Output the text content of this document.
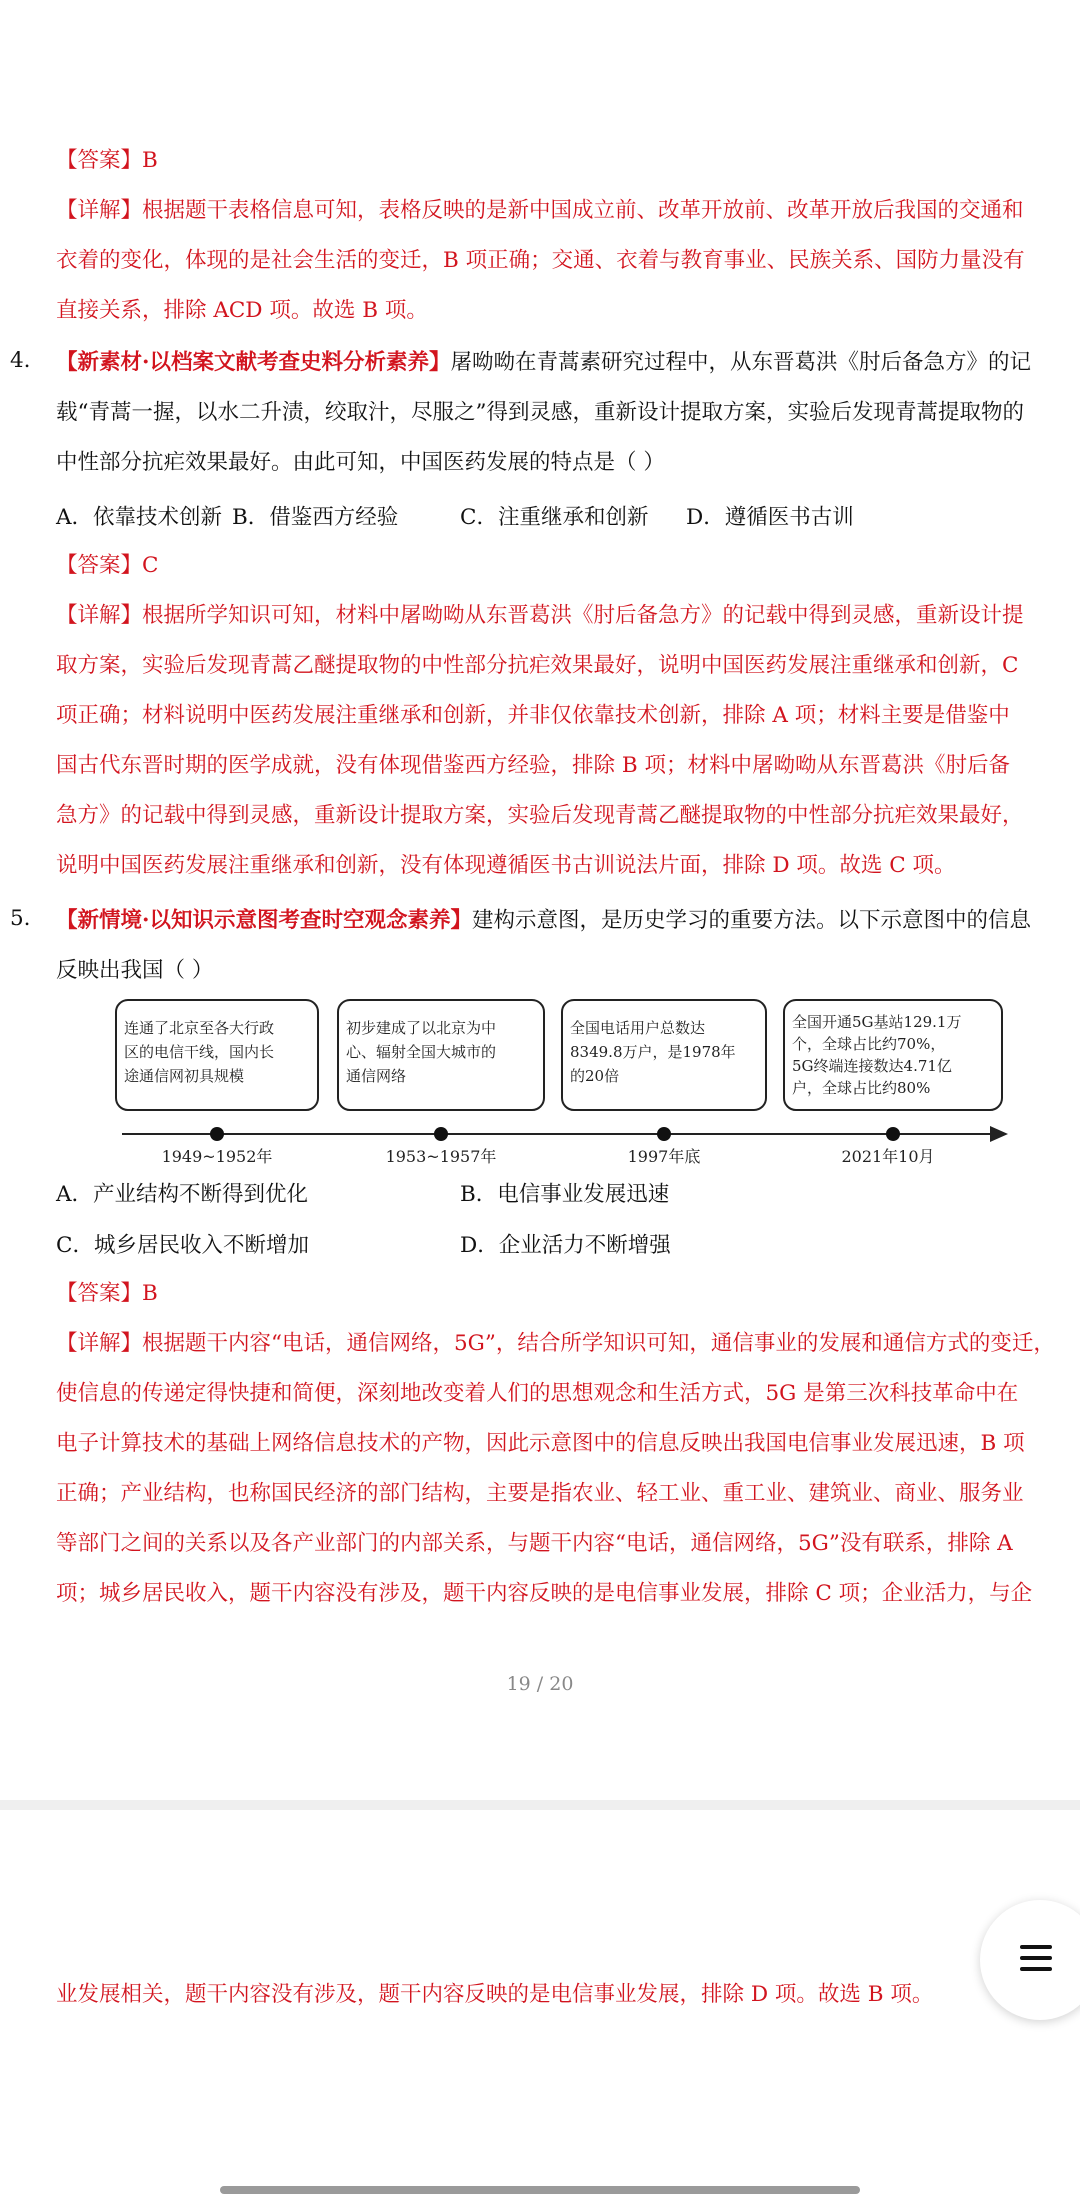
【答案】B
【详解】根据题干表格信息可知，表格反映的是新中国成立前、改革开放前、改革开放后我国的交通和
衣着的变化，体现的是社会生活的变迁，B 项正确；交通、衣着与教育事业、民族关系、国防力量没有
直接关系，排除 ACD 项。故选 B 项。
4. 【新素材·以档案文献考查史料分析素养】屠呦呦在青蒿素研究过程中，从东晋葛洪《肘后备急方》的记
载“青蒿一握，以水二升渍，绞取汁，尽服之”得到灵感，重新设计提取方案，实验后发现青蒿提取物的
中性部分抗疟效果最好。由此可知，中国医药发展的特点是（ ）
A．依靠技术创新 B．借鉴西方经验	C．注重继承和创新 D．遵循医书古训
【答案】C
【详解】根据所学知识可知，材料中屠呦呦从东晋葛洪《肘后备急方》的记载中得到灵感，重新设计提
取方案，实验后发现青蒿乙醚提取物的中性部分抗疟效果最好，说明中国医药发展注重继承和创新，C
项正确；材料说明中医药发展注重继承和创新，并非仅依靠技术创新，排除 A 项；材料主要是借鉴中
国古代东晋时期的医学成就，没有体现借鉴西方经验，排除 B 项；材料中屠呦呦从东晋葛洪《肘后备
急方》的记载中得到灵感，重新设计提取方案，实验后发现青蒿乙醚提取物的中性部分抗疟效果最好，
说明中国医药发展注重继承和创新，没有体现遵循医书古训说法片面，排除 D 项。故选 C 项。
5. 【新情境·以知识示意图考查时空观念素养】建构示意图，是历史学习的重要方法。以下示意图中的信息
反映出我国（ ）
连通了北京至各大行政
区的电信干线，国内长
途通信网初具规模
初步建成了以北京为中
心、辐射全国大城市的
通信网络
全国电话用户总数达
8349.8万户，是1978年
的20倍
全国开通5G基站129.1万
个，全球占比约70%，
5G终端连接数达4.71亿
户，全球占比约80%
1949~1952年	1953~1957年	1997年底	2021年10月
A．产业结构不断得到优化	B．电信事业发展迅速
C．城乡居民收入不断增加	D．企业活力不断增强
【答案】B
【详解】根据题干内容“电话，通信网络，5G”，结合所学知识可知，通信事业的发展和通信方式的变迁，
使信息的传递定得快捷和简便，深刻地改变着人们的思想观念和生活方式，5G 是第三次科技革命中在
电子计算技术的基础上网络信息技术的产物，因此示意图中的信息反映出我国电信事业发展迅速，B 项
正确；产业结构，也称国民经济的部门结构，主要是指农业、轻工业、重工业、建筑业、商业、服务业
等部门之间的关系以及各产业部门的内部关系，与题干内容“电话，通信网络，5G”没有联系，排除 A
项；城乡居民收入，题干内容没有涉及，题干内容反映的是电信事业发展，排除 C 项；企业活力，与企
19 / 20
业发展相关，题干内容没有涉及，题干内容反映的是电信事业发展，排除 D 项。故选 B 项。
